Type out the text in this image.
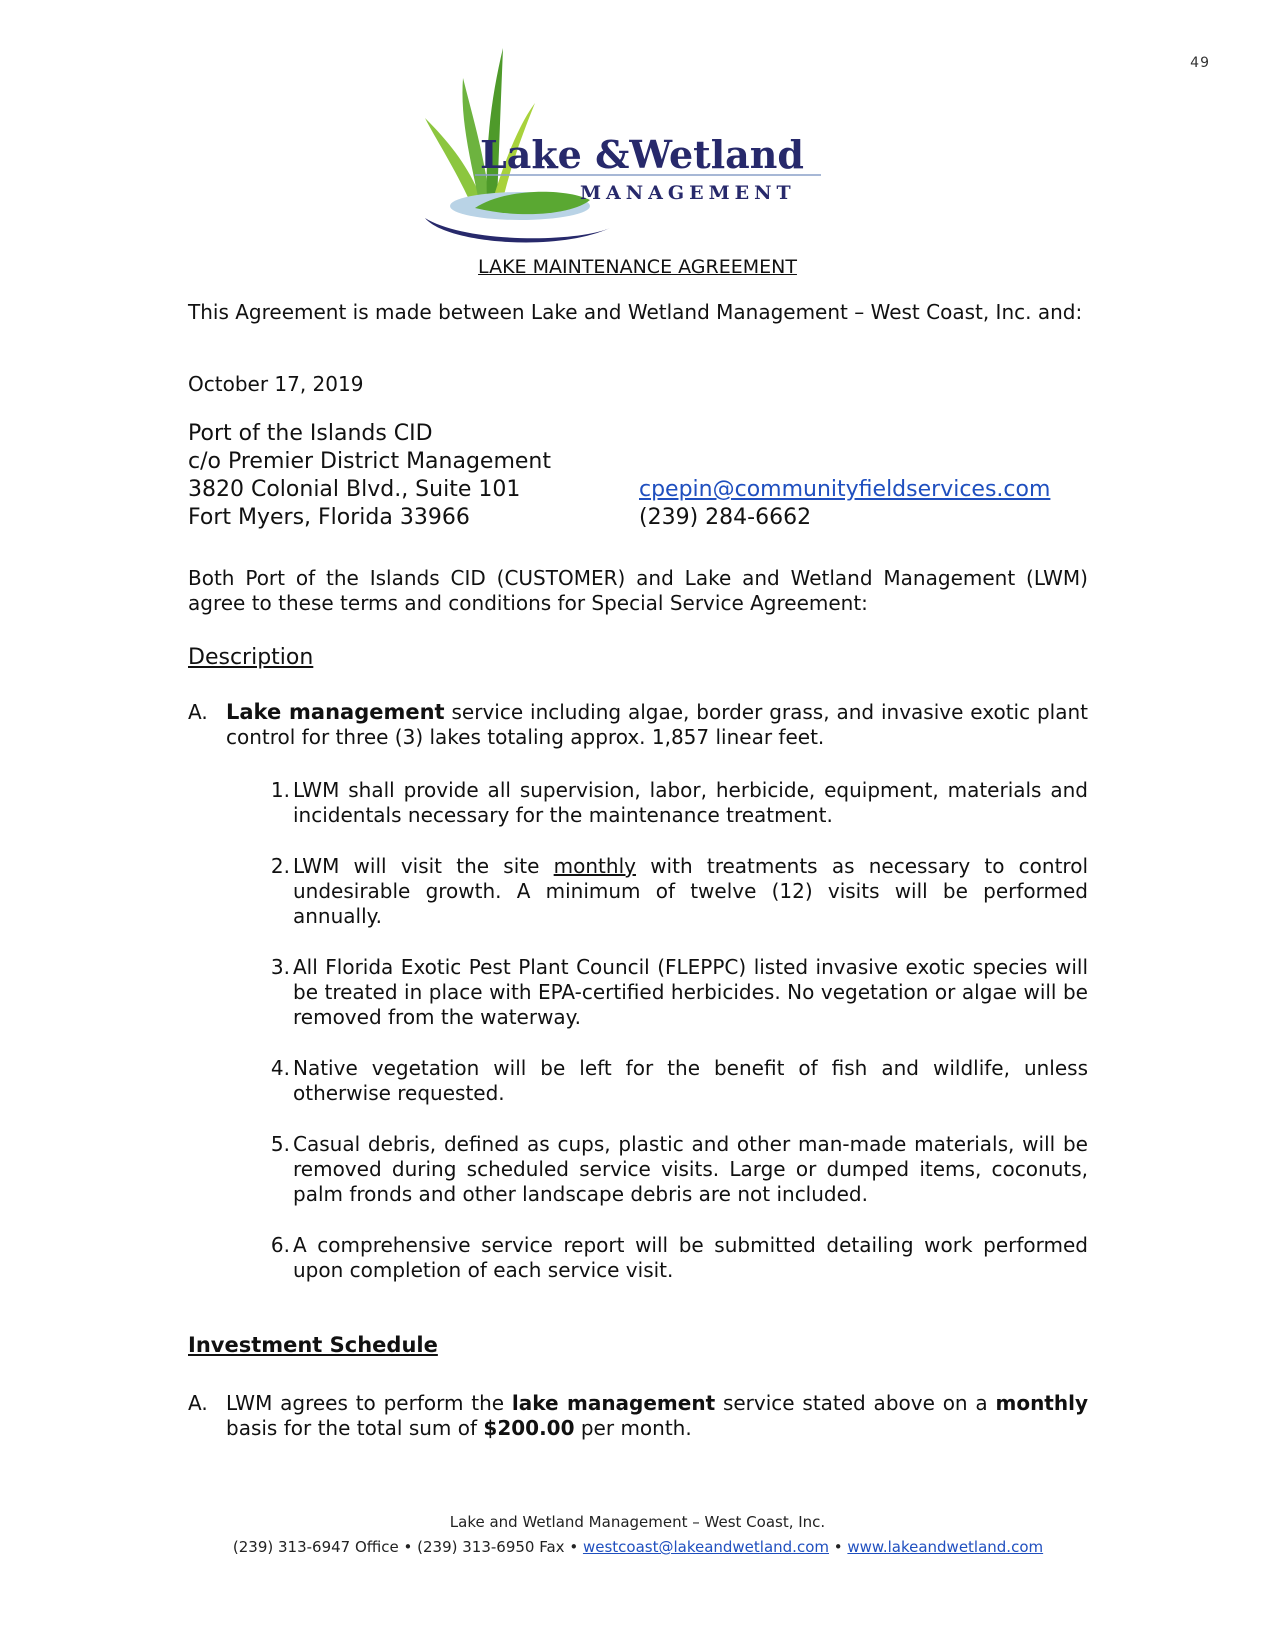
49
Lake &Wetland
MANAGEMENT
LAKE MAINTENANCE AGREEMENT
This Agreement is made between Lake and Wetland Management – West Coast, Inc. and:
October 17, 2019
Port of the Islands CID
c/o Premier District Management
3820 Colonial Blvd., Suite 101
Fort Myers, Florida 33966
cpepin@communityfieldservices.com
(239) 284-6662
Both Port of the Islands CID (CUSTOMER) and Lake and Wetland Management (LWM) agree to these terms and conditions for Special Service Agreement:
Description
A. Lake management service including algae, border grass, and invasive exotic plant control for three (3) lakes totaling approx. 1,857 linear feet.
1. LWM shall provide all supervision, labor, herbicide, equipment, materials and incidentals necessary for the maintenance treatment.
2. LWM will visit the site monthly with treatments as necessary to control undesirable growth. A minimum of twelve (12) visits will be performed annually.
3. All Florida Exotic Pest Plant Council (FLEPPC) listed invasive exotic species will be treated in place with EPA-certified herbicides. No vegetation or algae will be removed from the waterway.
4. Native vegetation will be left for the benefit of fish and wildlife, unless otherwise requested.
5. Casual debris, defined as cups, plastic and other man-made materials, will be removed during scheduled service visits. Large or dumped items, coconuts, palm fronds and other landscape debris are not included.
6. A comprehensive service report will be submitted detailing work performed upon completion of each service visit.
Investment Schedule
A. LWM agrees to perform the lake management service stated above on a monthly basis for the total sum of $200.00 per month.
Lake and Wetland Management – West Coast, Inc.
(239) 313-6947 Office • (239) 313-6950 Fax • westcoast@lakeandwetland.com • www.lakeandwetland.com
